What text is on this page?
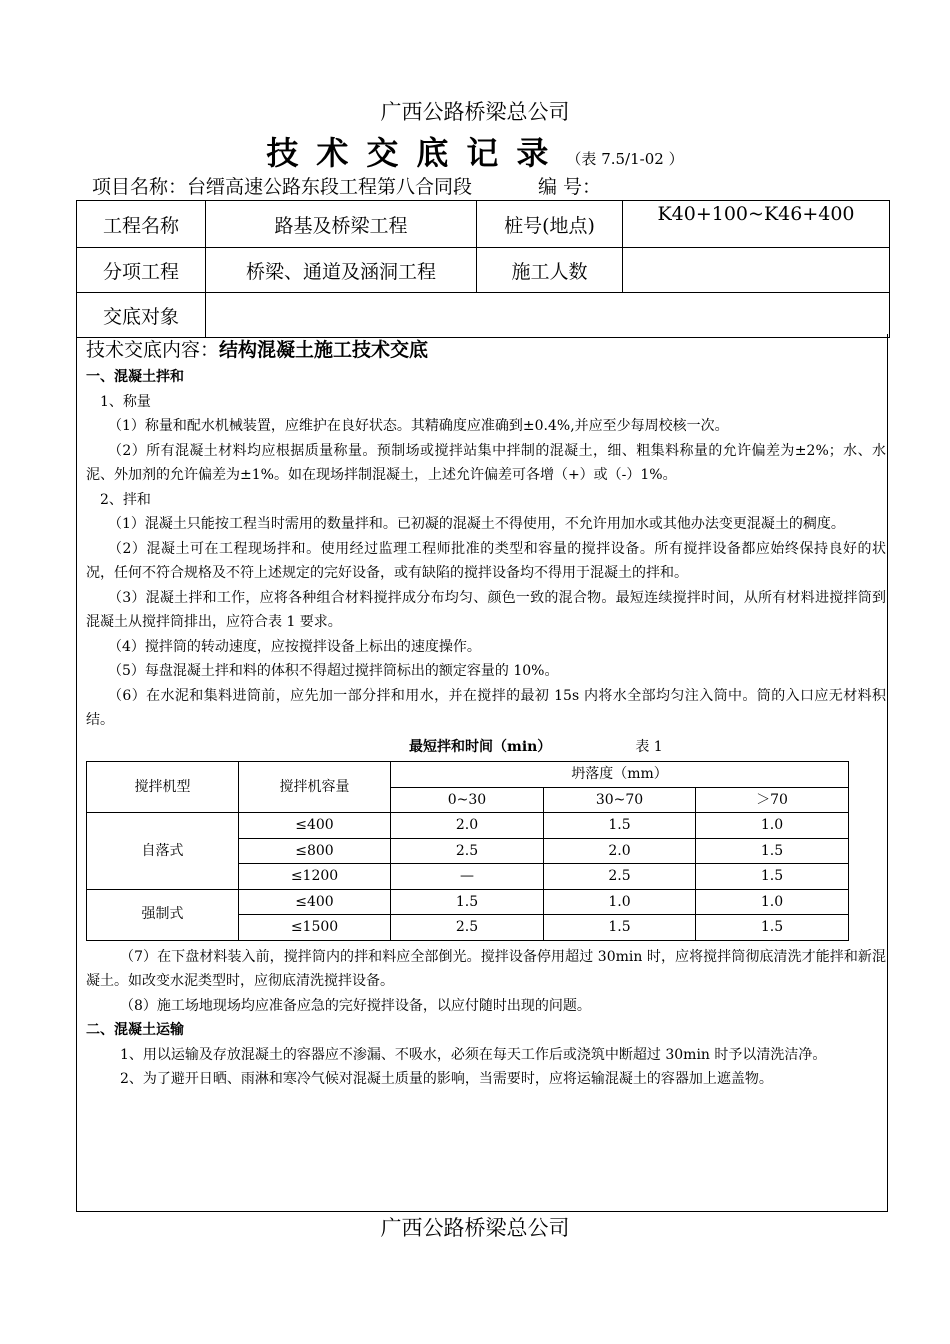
广西公路桥梁总公司
技术交底记录（表 7.5/1-02 ）
项目名称：台缙高速公路东段工程第八合同段	编 号：
工程名称	路基及桥梁工程	桩号(地点)	K40+100~K46+400
分项工程	桥梁、通道及涵洞工程	施工人数	
交底对象			

技术交底内容：结构混凝土施工技术交底

一、混凝土拌和

1、称量

（1）称量和配水机械装置，应维护在良好状态。其精确度应准确到±0.4%,并应至少每周校核一次。

（2）所有混凝土材料均应根据质量称量。预制场或搅拌站集中拌制的混凝土，细、粗集料称量的允许偏差为±2%；水、水泥、外加剂的允许偏差为±1%。如在现场拌制混凝土，上述允许偏差可各增（+）或（-）1%。

2、拌和

（1）混凝土只能按工程当时需用的数量拌和。已初凝的混凝土不得使用，不允许用加水或其他办法变更混凝土的稠度。

（2）混凝土可在工程现场拌和。使用经过监理工程师批准的类型和容量的搅拌设备。所有搅拌设备都应始终保持良好的状况，任何不符合规格及不符上述规定的完好设备，或有缺陷的搅拌设备均不得用于混凝土的拌和。

（3）混凝土拌和工作，应将各种组合材料搅拌成分布均匀、颜色一致的混合物。最短连续搅拌时间，从所有材料进搅拌筒到混凝土从搅拌筒排出，应符合表 1 要求。

（4）搅拌筒的转动速度，应按搅拌设备上标出的速度操作。

（5）每盘混凝土拌和料的体积不得超过搅拌筒标出的额定容量的 10%。

（6）在水泥和集料进筒前，应先加一部分拌和用水，并在搅拌的最初 15s 内将水全部均匀注入筒中。筒的入口应无材料积结。

最短拌和时间（min）	表 1
搅拌机型	搅拌机容量	坍落度（mm）		
		0~30	30~70	＞70
自落式	≤400	2.0	1.5	1.0
	≤800	2.5	2.0	1.5
	≤1200	—	2.5	1.5
强制式	≤400	1.5	1.0	1.0
	≤1500	2.5	1.5	1.5

（7）在下盘材料装入前，搅拌筒内的拌和料应全部倒光。搅拌设备停用超过 30min 时，应将搅拌筒彻底清洗才能拌和新混凝土。如改变水泥类型时，应彻底清洗搅拌设备。

（8）施工场地现场均应准备应急的完好搅拌设备，以应付随时出现的问题。

二、混凝土运输

1、用以运输及存放混凝土的容器应不渗漏、不吸水，必须在每天工作后或浇筑中断超过 30min 时予以清洗洁净。

2、为了避开日晒、雨淋和寒冷气候对混凝土质量的影响，当需要时，应将运输混凝土的容器加上遮盖物。

广西公路桥梁总公司
